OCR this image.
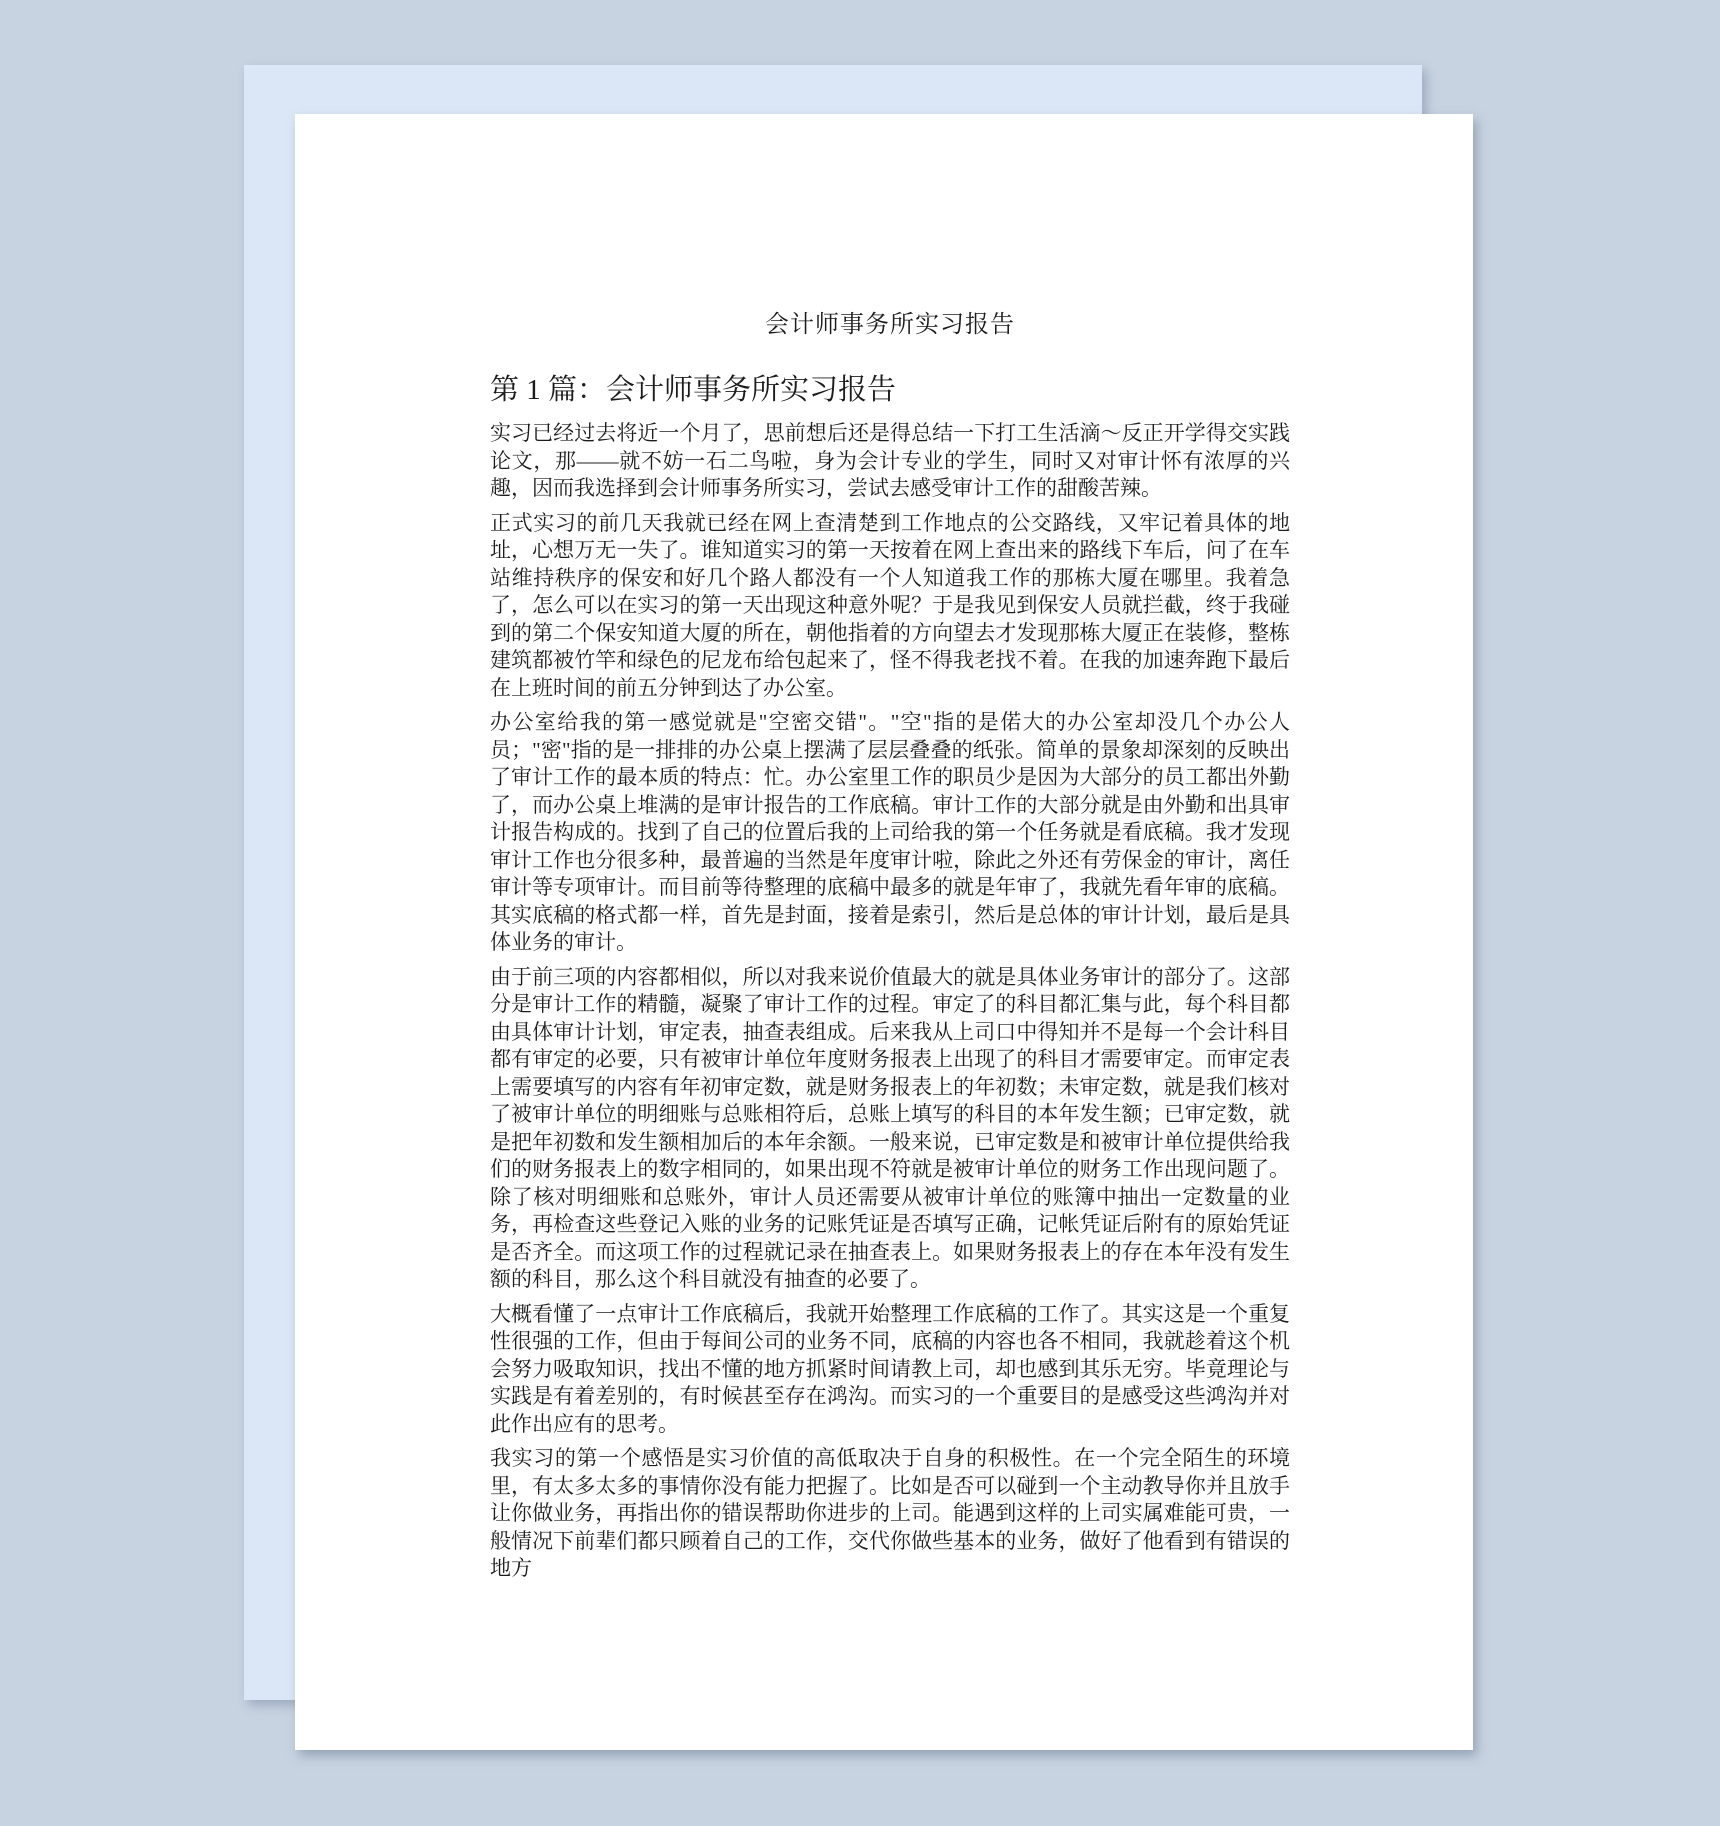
会计师事务所实习报告
第 1 篇：会计师事务所实习报告

实习已经过去将近一个月了，思前想后还是得总结一下打工生活滴～反正开学得交实践论文，那——就不妨一石二鸟啦，身为会计专业的学生，同时又对审计怀有浓厚的兴趣，因而我选择到会计师事务所实习，尝试去感受审计工作的甜酸苦辣。

正式实习的前几天我就已经在网上查清楚到工作地点的公交路线，又牢记着具体的地址，心想万无一失了。谁知道实习的第一天按着在网上查出来的路线下车后，问了在车站维持秩序的保安和好几个路人都没有一个人知道我工作的那栋大厦在哪里。我着急了，怎么可以在实习的第一天出现这种意外呢？于是我见到保安人员就拦截，终于我碰到的第二个保安知道大厦的所在，朝他指着的方向望去才发现那栋大厦正在装修，整栋建筑都被竹竿和绿色的尼龙布给包起来了，怪不得我老找不着。在我的加速奔跑下最后在上班时间的前五分钟到达了办公室。

办公室给我的第一感觉就是"空密交错"。"空"指的是偌大的办公室却没几个办公人员；"密"指的是一排排的办公桌上摆满了层层叠叠的纸张。简单的景象却深刻的反映出了审计工作的最本质的特点：忙。办公室里工作的职员少是因为大部分的员工都出外勤了，而办公桌上堆满的是审计报告的工作底稿。审计工作的大部分就是由外勤和出具审计报告构成的。找到了自己的位置后我的上司给我的第一个任务就是看底稿。我才发现审计工作也分很多种，最普遍的当然是年度审计啦，除此之外还有劳保金的审计，离任审计等专项审计。而目前等待整理的底稿中最多的就是年审了，我就先看年审的底稿。其实底稿的格式都一样，首先是封面，接着是索引，然后是总体的审计计划，最后是具体业务的审计。

由于前三项的内容都相似，所以对我来说价值最大的就是具体业务审计的部分了。这部分是审计工作的精髓，凝聚了审计工作的过程。审定了的科目都汇集与此，每个科目都由具体审计计划，审定表，抽查表组成。后来我从上司口中得知并不是每一个会计科目都有审定的必要，只有被审计单位年度财务报表上出现了的科目才需要审定。而审定表上需要填写的内容有年初审定数，就是财务报表上的年初数；未审定数，就是我们核对了被审计单位的明细账与总账相符后，总账上填写的科目的本年发生额；已审定数，就是把年初数和发生额相加后的本年余额。一般来说，已审定数是和被审计单位提供给我们的财务报表上的数字相同的，如果出现不符就是被审计单位的财务工作出现问题了。除了核对明细账和总账外，审计人员还需要从被审计单位的账簿中抽出一定数量的业务，再检查这些登记入账的业务的记账凭证是否填写正确，记帐凭证后附有的原始凭证是否齐全。而这项工作的过程就记录在抽查表上。如果财务报表上的存在本年没有发生额的科目，那么这个科目就没有抽查的必要了。

大概看懂了一点审计工作底稿后，我就开始整理工作底稿的工作了。其实这是一个重复性很强的工作，但由于每间公司的业务不同，底稿的内容也各不相同，我就趁着这个机会努力吸取知识，找出不懂的地方抓紧时间请教上司，却也感到其乐无穷。毕竟理论与实践是有着差别的，有时候甚至存在鸿沟。而实习的一个重要目的是感受这些鸿沟并对此作出应有的思考。

我实习的第一个感悟是实习价值的高低取决于自身的积极性。在一个完全陌生的环境里，有太多太多的事情你没有能力把握了。比如是否可以碰到一个主动教导你并且放手让你做业务，再指出你的错误帮助你进步的上司。能遇到这样的上司实属难能可贵，一般情况下前辈们都只顾着自己的工作，交代你做些基本的业务，做好了他看到有错误的地方
